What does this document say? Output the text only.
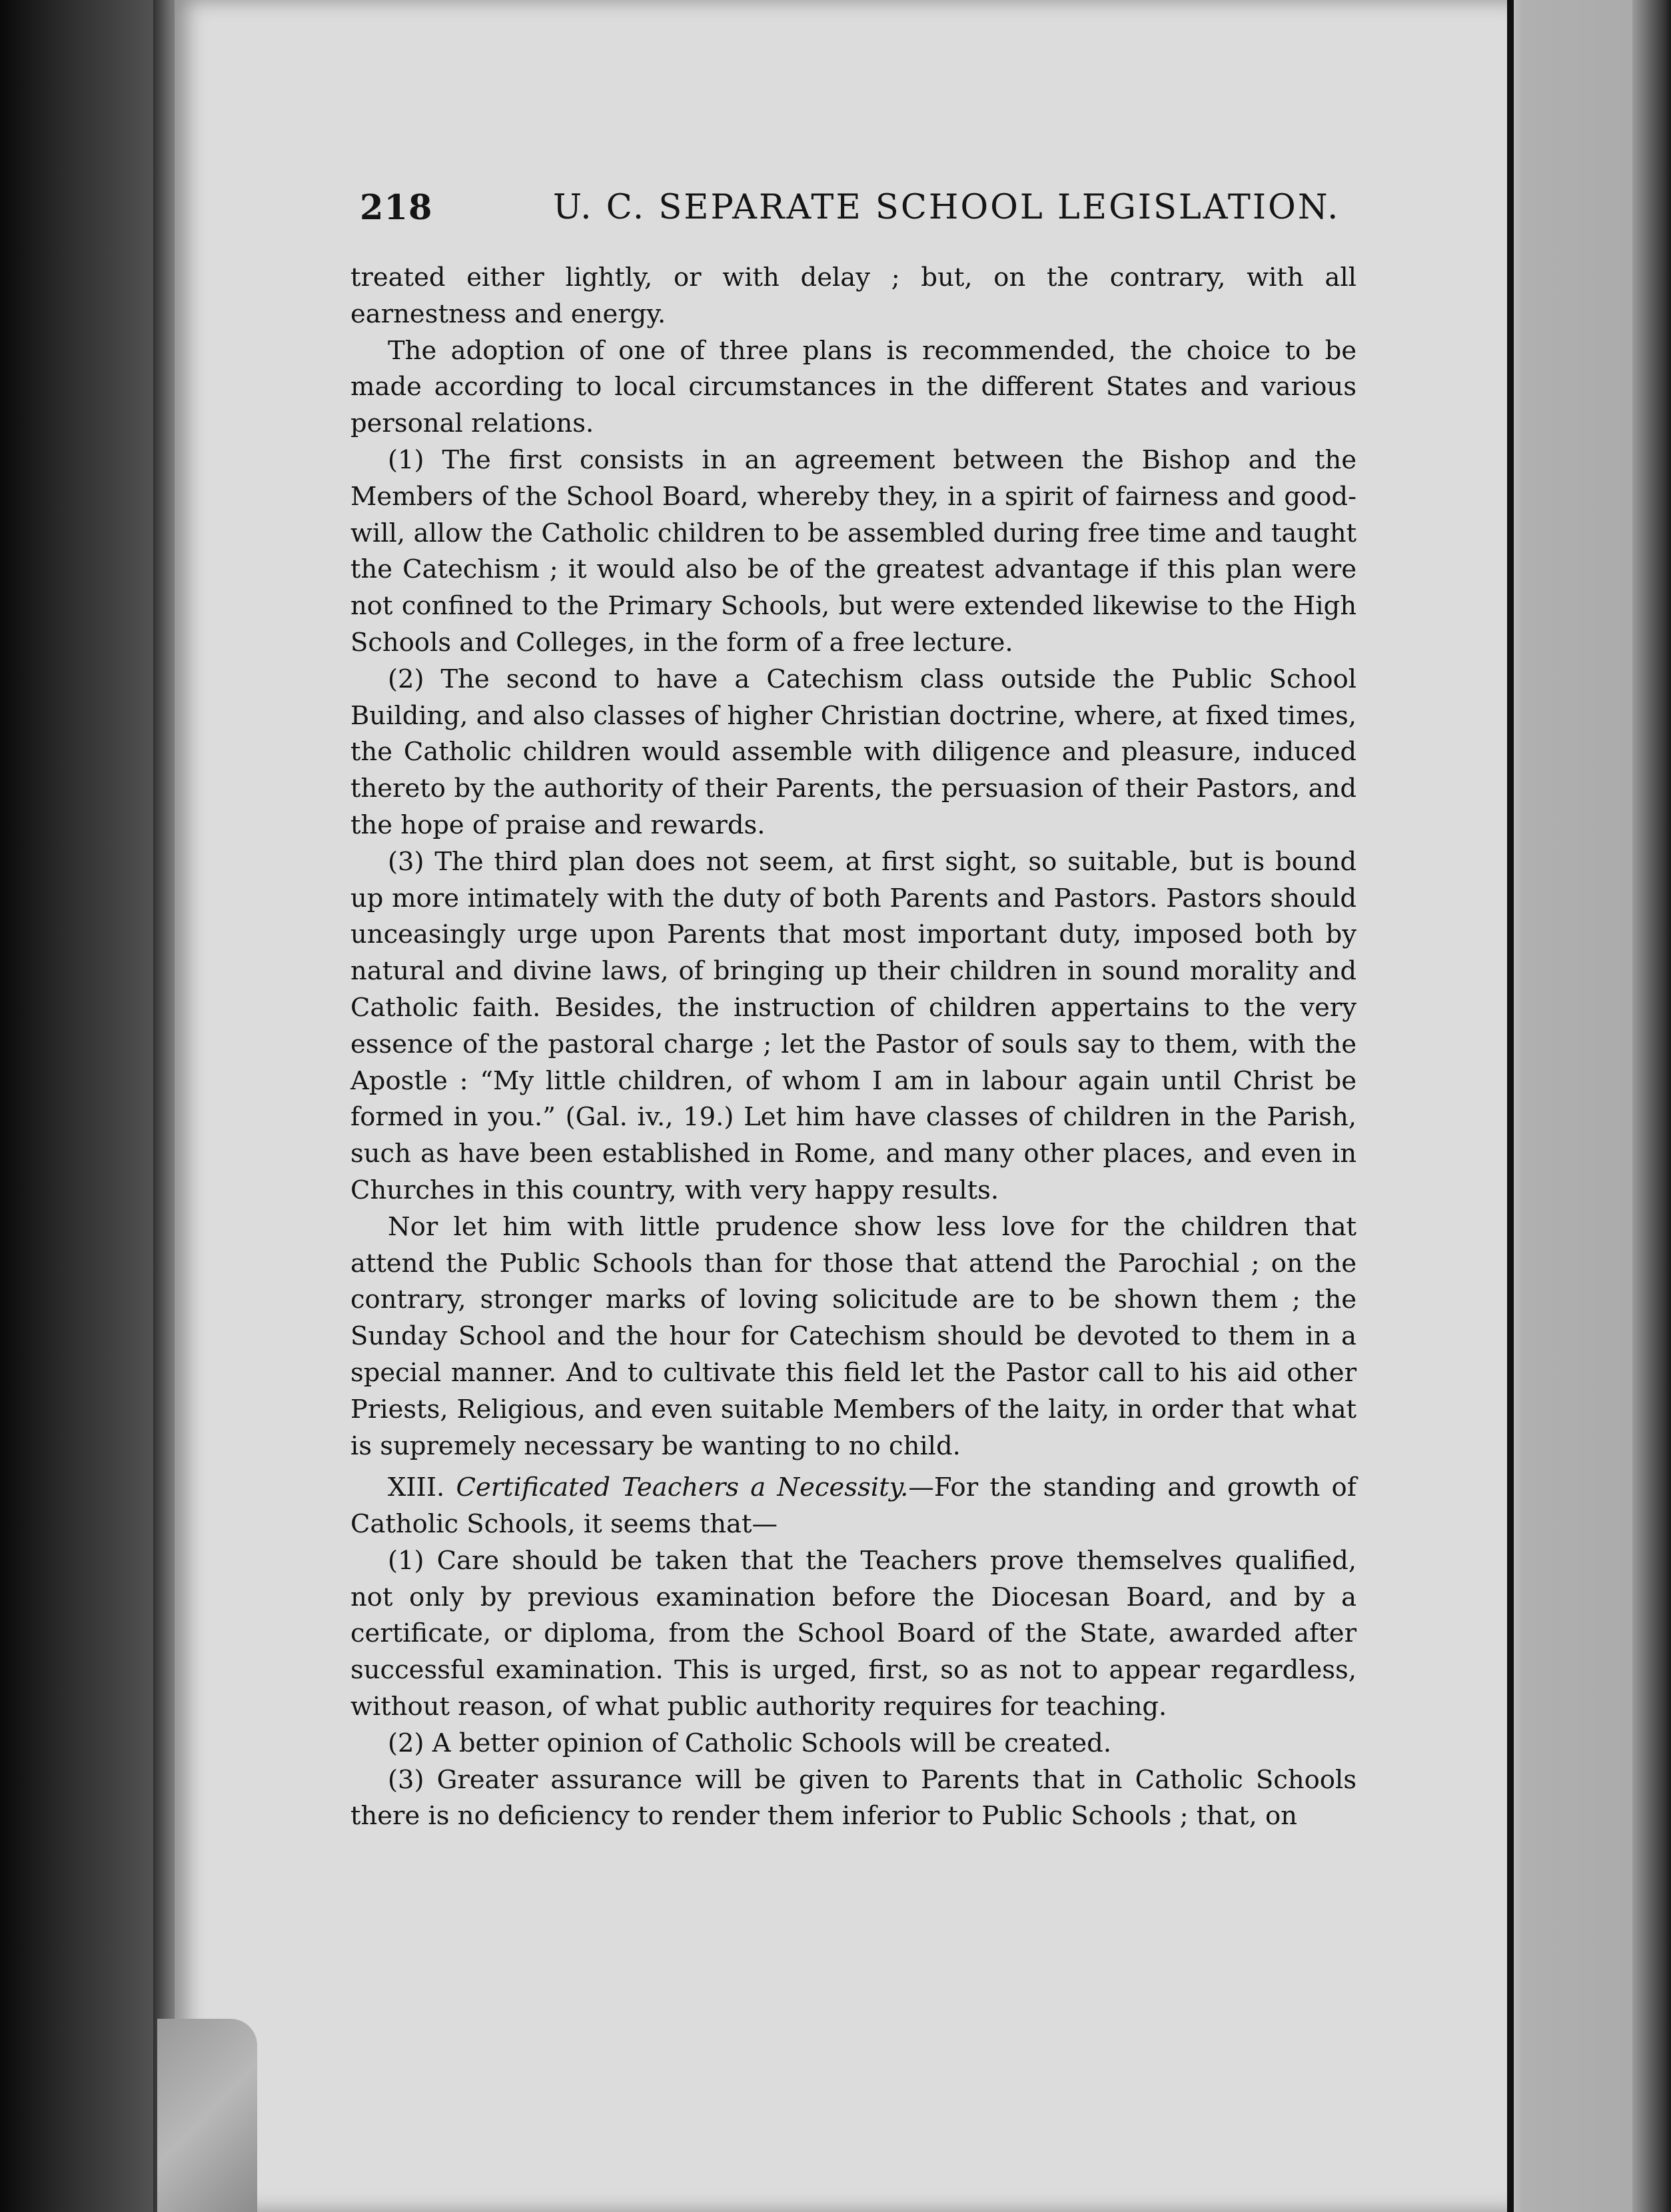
218	U. C. SEPARATE SCHOOL LEGISLATION.

treated either lightly, or with delay ; but, on the contrary, with all earnestness and energy.

The adoption of one of three plans is recommended, the choice to be made according to local circumstances in the different States and various personal relations.

(1) The first consists in an agreement between the Bishop and the Members of the School Board, whereby they, in a spirit of fairness and good-will, allow the Catholic children to be assembled during free time and taught the Catechism ; it would also be of the greatest advantage if this plan were not confined to the Primary Schools, but were extended likewise to the High Schools and Colleges, in the form of a free lecture.

(2) The second to have a Catechism class outside the Public School Building, and also classes of higher Christian doctrine, where, at fixed times, the Catholic children would assemble with diligence and pleasure, induced thereto by the authority of their Parents, the persuasion of their Pastors, and the hope of praise and rewards.

(3) The third plan does not seem, at first sight, so suitable, but is bound up more intimately with the duty of both Parents and Pastors. Pastors should unceasingly urge upon Parents that most important duty, imposed both by natural and divine laws, of bringing up their children in sound morality and Catholic faith. Besides, the instruction of children appertains to the very essence of the pastoral charge ; let the Pastor of souls say to them, with the Apostle : “My little children, of whom I am in labour again until Christ be formed in you.” (Gal. iv., 19.) Let him have classes of children in the Parish, such as have been established in Rome, and many other places, and even in Churches in this country, with very happy results.

Nor let him with little prudence show less love for the children that attend the Public Schools than for those that attend the Parochial ; on the contrary, stronger marks of loving solicitude are to be shown them ; the Sunday School and the hour for Catechism should be devoted to them in a special manner. And to cultivate this field let the Pastor call to his aid other Priests, Religious, and even suitable Members of the laity, in order that what is supremely necessary be wanting to no child.

XIII. Certificated Teachers a Necessity.—For the standing and growth of Catholic Schools, it seems that—

(1) Care should be taken that the Teachers prove themselves qualified, not only by previous examination before the Diocesan Board, and by a certificate, or diploma, from the School Board of the State, awarded after successful examination. This is urged, first, so as not to appear regardless, without reason, of what public authority requires for teaching.

(2) A better opinion of Catholic Schools will be created.

(3) Greater assurance will be given to Parents that in Catholic Schools there is no deficiency to render them inferior to Public Schools ; that, on
